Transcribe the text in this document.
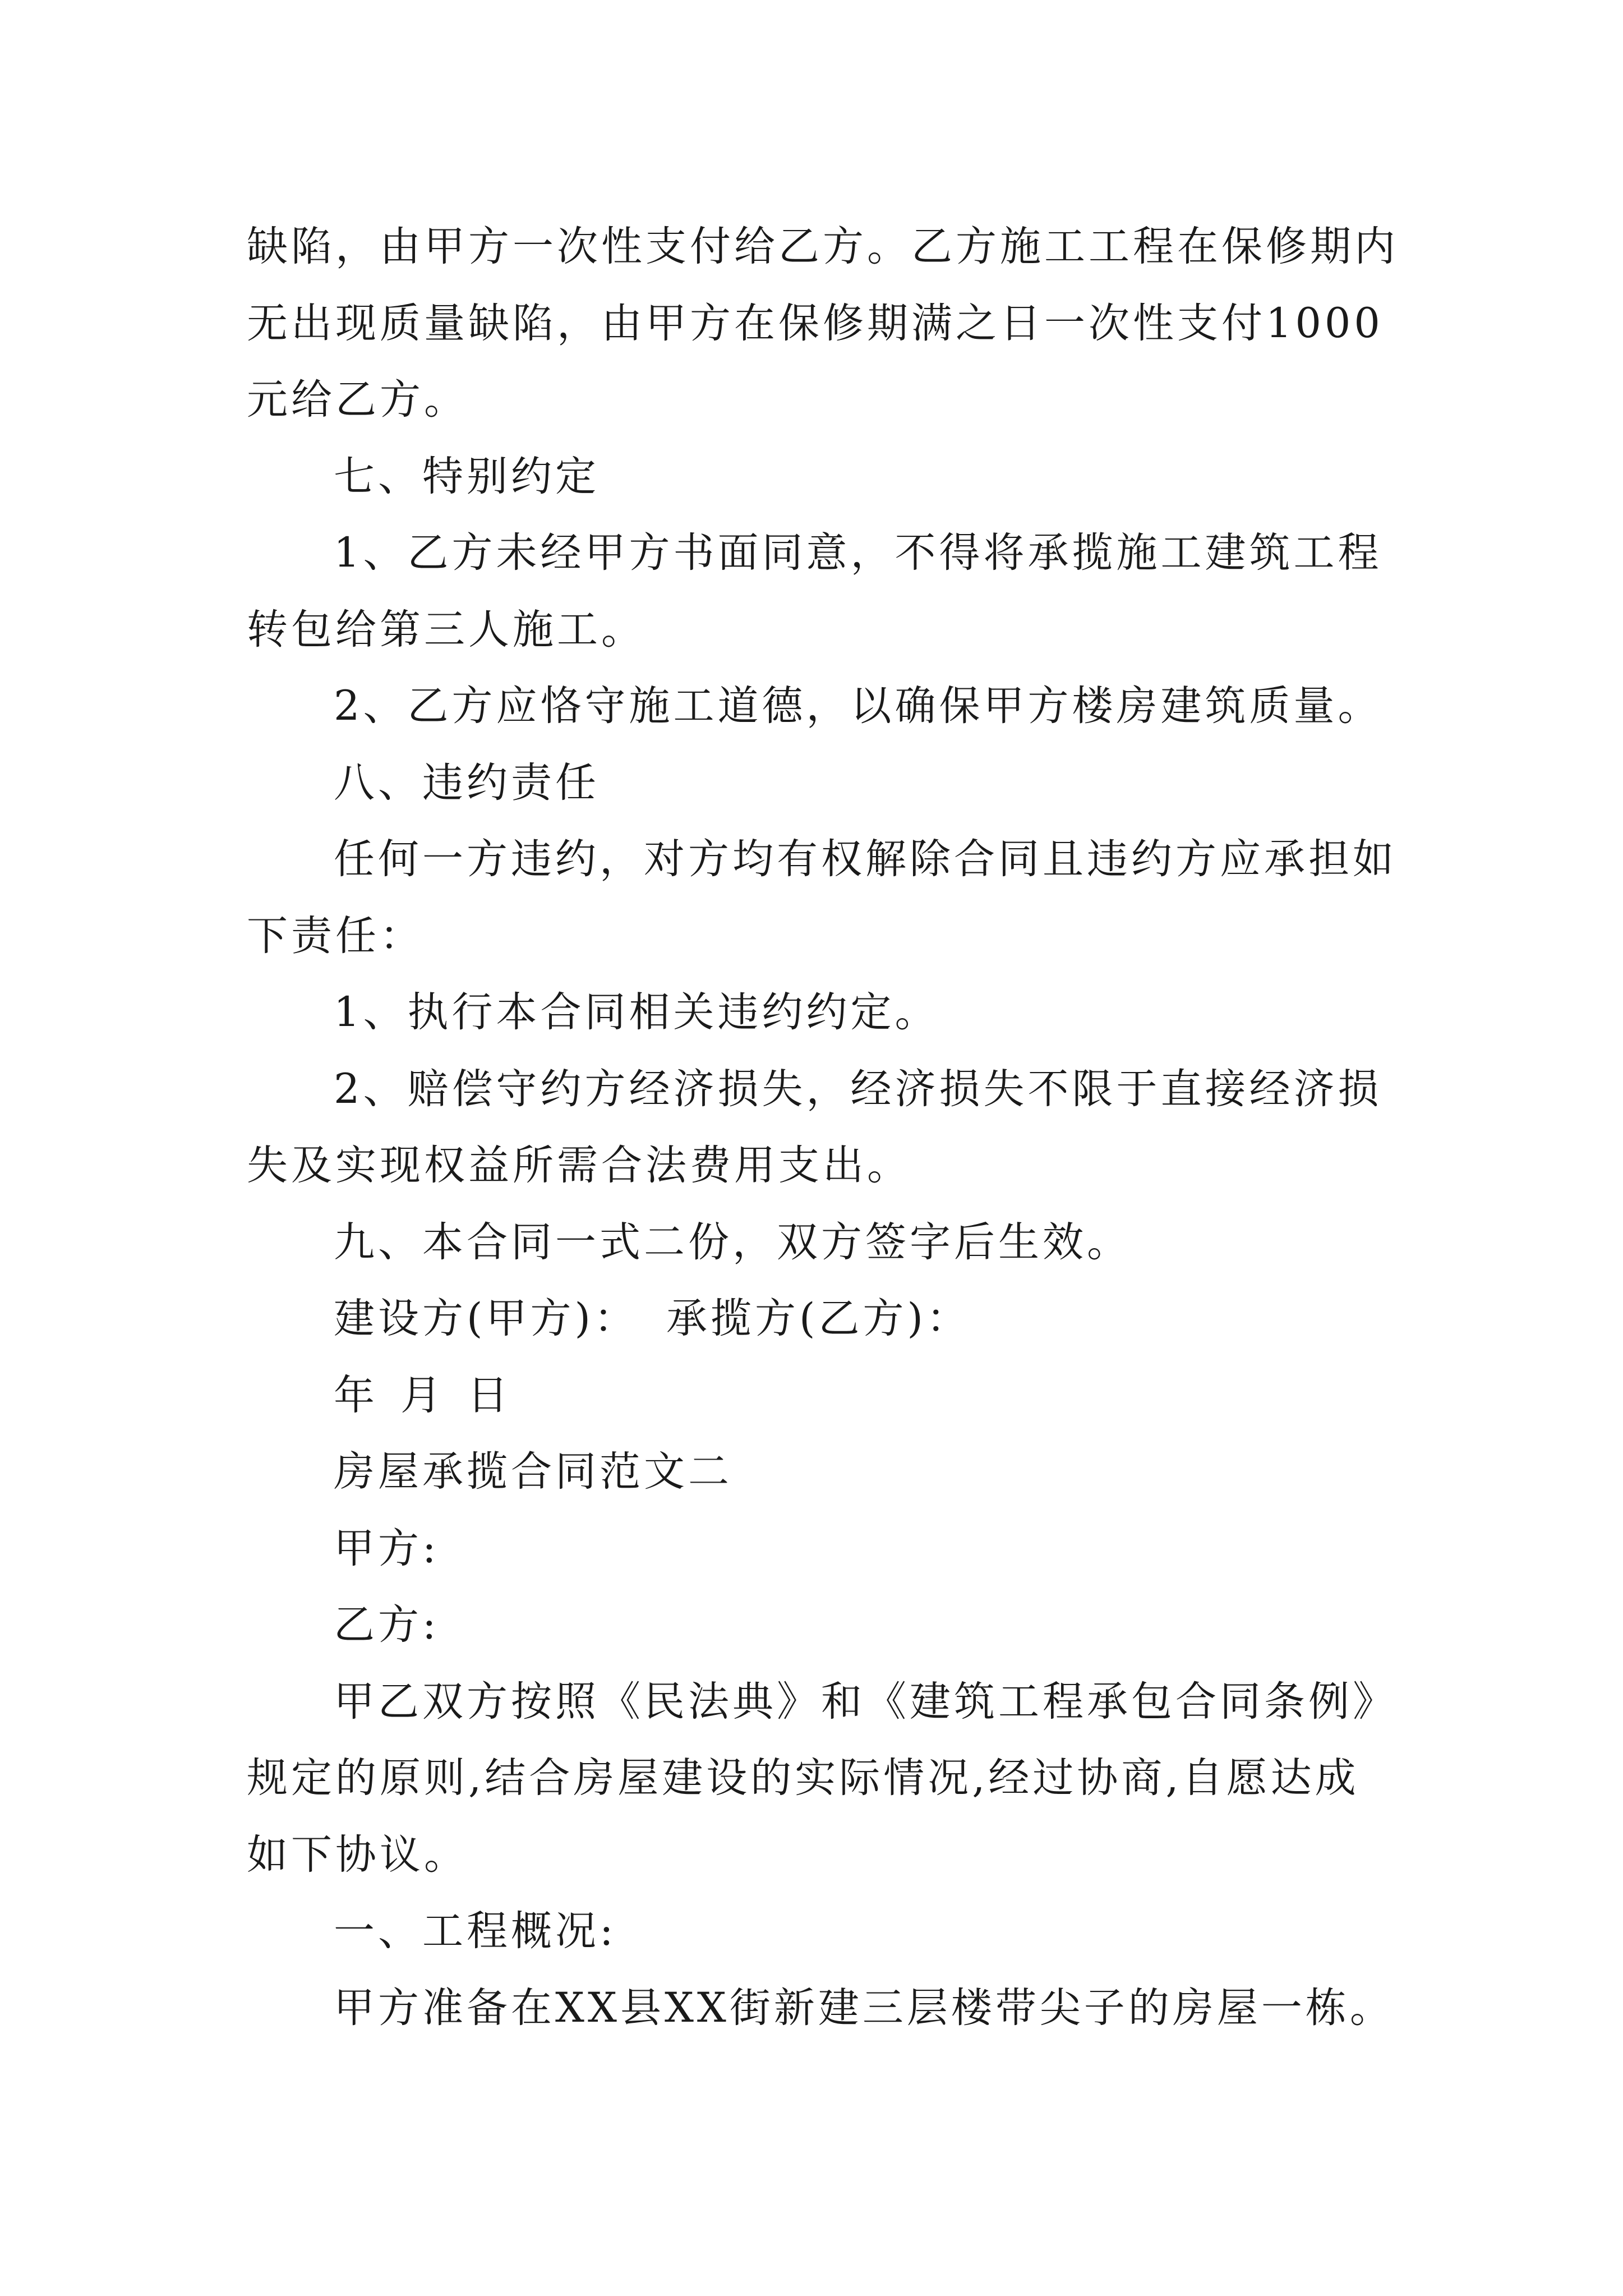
缺陷，由甲方一次性支付给乙方。乙方施工工程在保修期内
无出现质量缺陷，由甲方在保修期满之日一次性支付1000
元给乙方。
七、特别约定
1、乙方未经甲方书面同意，不得将承揽施工建筑工程
转包给第三人施工。
2、乙方应恪守施工道德，以确保甲方楼房建筑质量。
八、违约责任
任何一方违约，对方均有权解除合同且违约方应承担如
下责任：
1、执行本合同相关违约约定。
2、赔偿守约方经济损失，经济损失不限于直接经济损
失及实现权益所需合法费用支出。
九、本合同一式二份，双方签字后生效。
建设方(甲方)： 承揽方(乙方)：
年 月 日
房屋承揽合同范文二
甲方:
乙方:
甲乙双方按照《民法典》和《建筑工程承包合同条例》
规定的原则,结合房屋建设的实际情况,经过协商,自愿达成
如下协议。
一、工程概况:
甲方准备在XX县XX街新建三层楼带尖子的房屋一栋。
